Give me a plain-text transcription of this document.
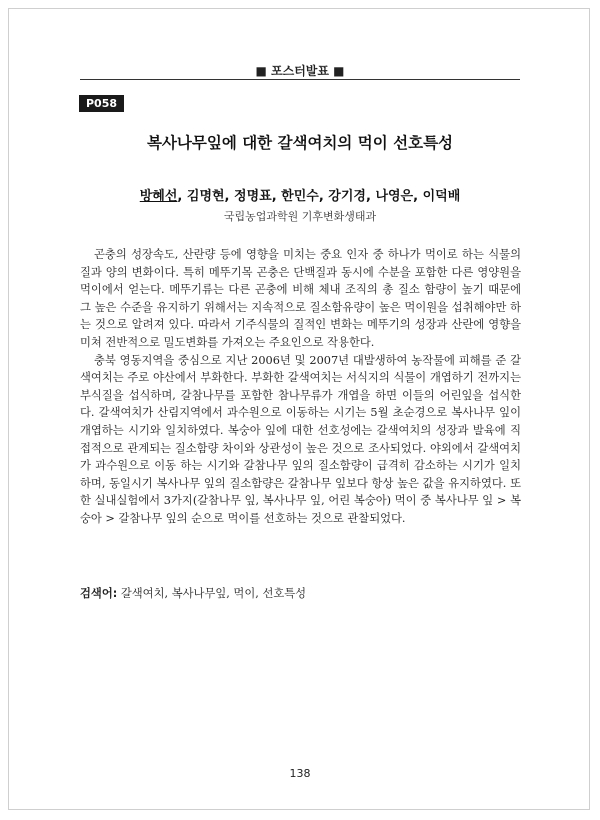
■ 포스터발표 ■
P058
복사나무잎에 대한 갈색여치의 먹이 선호특성
방혜선, 김명현, 정명표, 한민수, 강기경, 나영은, 이덕배
국립농업과학원 기후변화생태과

곤충의 성장속도, 산란량 등에 영향을 미치는 중요 인자 중 하나가 먹이로 하는 식물의 질과 양의 변화이다. 특히 메뚜기목 곤충은 단백질과 동시에 수분을 포함한 다른 영양원을 먹이에서 얻는다. 메뚜기류는 다른 곤충에 비해 체내 조직의 총 질소 함량이 높기 때문에 그 높은 수준을 유지하기 위해서는 지속적으로 질소함유량이 높은 먹이원을 섭취해야만 하는 것으로 알려져 있다. 따라서 기주식물의 질적인 변화는 메뚜기의 성장과 산란에 영향을 미쳐 전반적으로 밀도변화를 가져오는 주요인으로 작용한다.

충북 영동지역을 중심으로 지난 2006년 및 2007년 대발생하여 농작물에 피해를 준 갈색여치는 주로 야산에서 부화한다. 부화한 갈색여치는 서식지의 식물이 개엽하기 전까지는 부식질을 섭식하며, 갈참나무를 포함한 참나무류가 개엽을 하면 이들의 어린잎을 섭식한다. 갈색여치가 산림지역에서 과수원으로 이동하는 시기는 5월 초순경으로 복사나무 잎이 개엽하는 시기와 일치하였다. 복숭아 잎에 대한 선호성에는 갈색여치의 성장과 발육에 직접적으로 관계되는 질소함량 차이와 상관성이 높은 것으로 조사되었다. 야외에서 갈색여치가 과수원으로 이동 하는 시기와 갈참나무 잎의 질소함량이 급격히 감소하는 시기가 일치하며, 동일시기 복사나무 잎의 질소함량은 갈참나무 잎보다 항상 높은 값을 유지하였다. 또한 실내실험에서 3가지(갈참나무 잎, 복사나무 잎, 어린 복숭아) 먹이 중 복사나무 잎 > 복숭아 > 갈참나무 잎의 순으로 먹이를 선호하는 것으로 관찰되었다.

검색어: 갈색여치, 복사나무잎, 먹이, 선호특성
138
